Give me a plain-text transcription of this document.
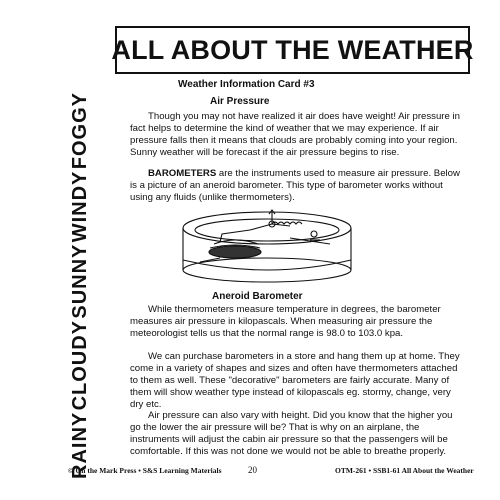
ALL ABOUT THE WEATHER
RAINY
CLOUDY
SUNNY
WINDY
FOGGY
Weather Information Card #3
Air Pressure

Though you may not have realized it air does have weight! Air pressure in fact helps to determine the kind of weather that we may experience. If air pressure falls then it means that clouds are probably coming into your region. Sunny weather will be forecast if the air pressure begins to rise.

BAROMETERS are the instruments used to measure air pressure. Below is a picture of an aneroid barometer. This type of barometer works without using any fluids (unlike thermometers).

Aneroid Barometer

While thermometers measure temperature in degrees, the barometer measures air pressure in kilopascals. When measuring air pressure the meteorologist tells us that the normal range is 98.0 to 103.0 kpa.

We can purchase barometers in a store and hang them up at home. They come in a variety of shapes and sizes and often have thermometers attached to them as well. These "decorative" barometers are fairly accurate. Many of them will show weather type instead of kilopascals eg. stormy, change, very dry etc.

Air pressure can also vary with height. Did you know that the higher you go the lower the air pressure will be? That is why on an airplane, the instruments will adjust the cabin air pressure so that the passengers will be comfortable. If this was not done we would not be able to breathe properly.

© On the Mark Press • S&S Learning Materials	20	OTM-261 • SSB1-61 All About the Weather
